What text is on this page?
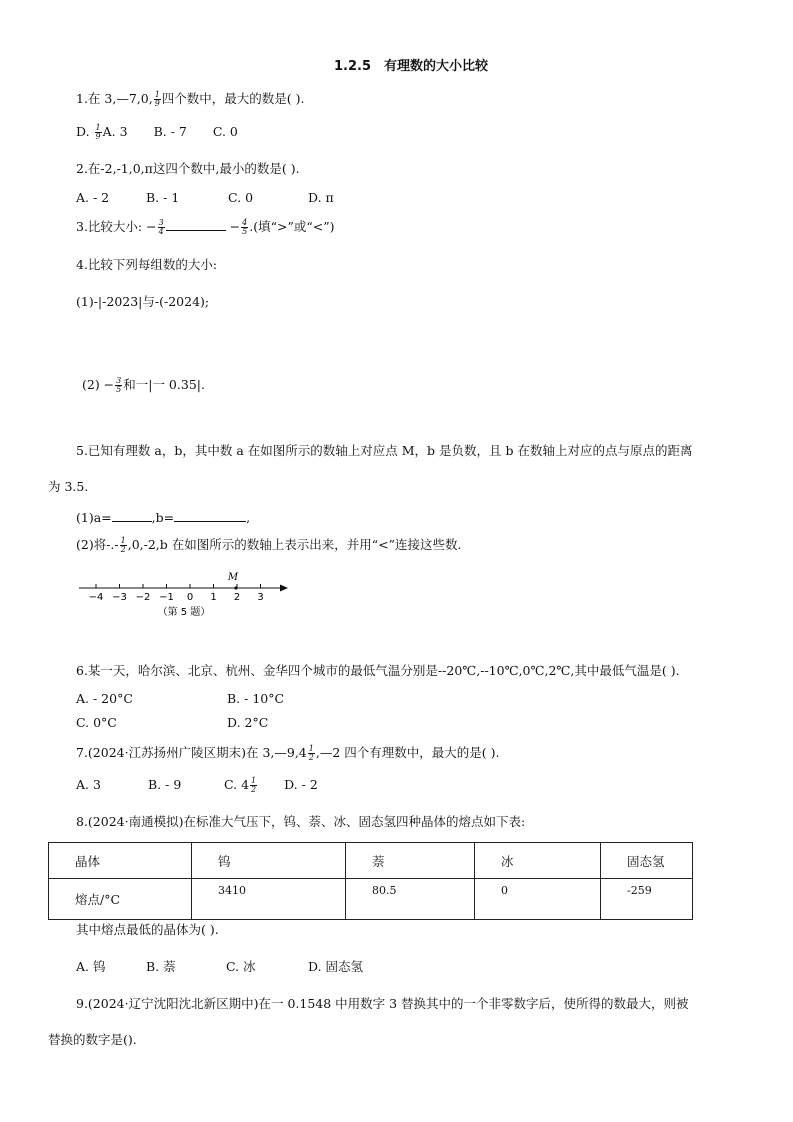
1.2.5　有理数的大小比较
1.在 3,—7,0, $\frac{1}{9}$ 四个数中，最大的数是( ).
D. $\frac{1}{9} A$. 3 B. - 7 C. 0
2.在-2,-1,0,π这四个数中,最小的数是( ).
A. - 2	B. - 1	C. 0	D. π
3.比较大小: − $\frac{3}{4}$	− $\frac{4}{5}$ .(填“>”或“<”)
4.比较下列每组数的大小:
(1)-|-2023|与-(-2024);
$(2) - \frac{3}{5}$ 和一|一 0.35|.
5.已知有理数 a，b，其中数 a 在如图所示的数轴上对应点 M，b 是负数，且 b 在数轴上对应的点与原点的距离
为 3.5.
(1)a=	,b=	,
(2)将-.- $\frac{1}{2} ,0,-2,b$ 在如图所示的数轴上表示出来，并用“<”连接这些数.
−4 −3 −2 −1 0 1 2 3
M
（第 5 题）
6.某一天，哈尔滨、北京、杭州、金华四个城市的最低气温分别是--20℃,--10℃,0℃,2℃,其中最低气温是( ).
A. - 20°C	B. - 10°C
C. 0°C	D. 2°C
7.(2024·江苏扬州广陵区期末)在 3,—9,4 $\frac{1}{2}$ ,—2 四个有理数中，最大的是( ).
A. 3	B. - 9	C. $4 \frac{1}{2} D$. - 2
8.(2024·南通模拟)在标准大气压下，钨、萘、冰、固态氢四种晶体的熔点如下表:
晶体	钨	萘	冰	固态氢
熔点/°C	3410	80.5	0	-259
其中熔点最低的晶体为( ).
A. 钨	B. 萘	C. 冰	D. 固态氢
9.(2024·辽宁沈阳沈北新区期中)在一 0.1548 中用数字 3 替换其中的一个非零数字后，使所得的数最大，则被
替换的数字是().
